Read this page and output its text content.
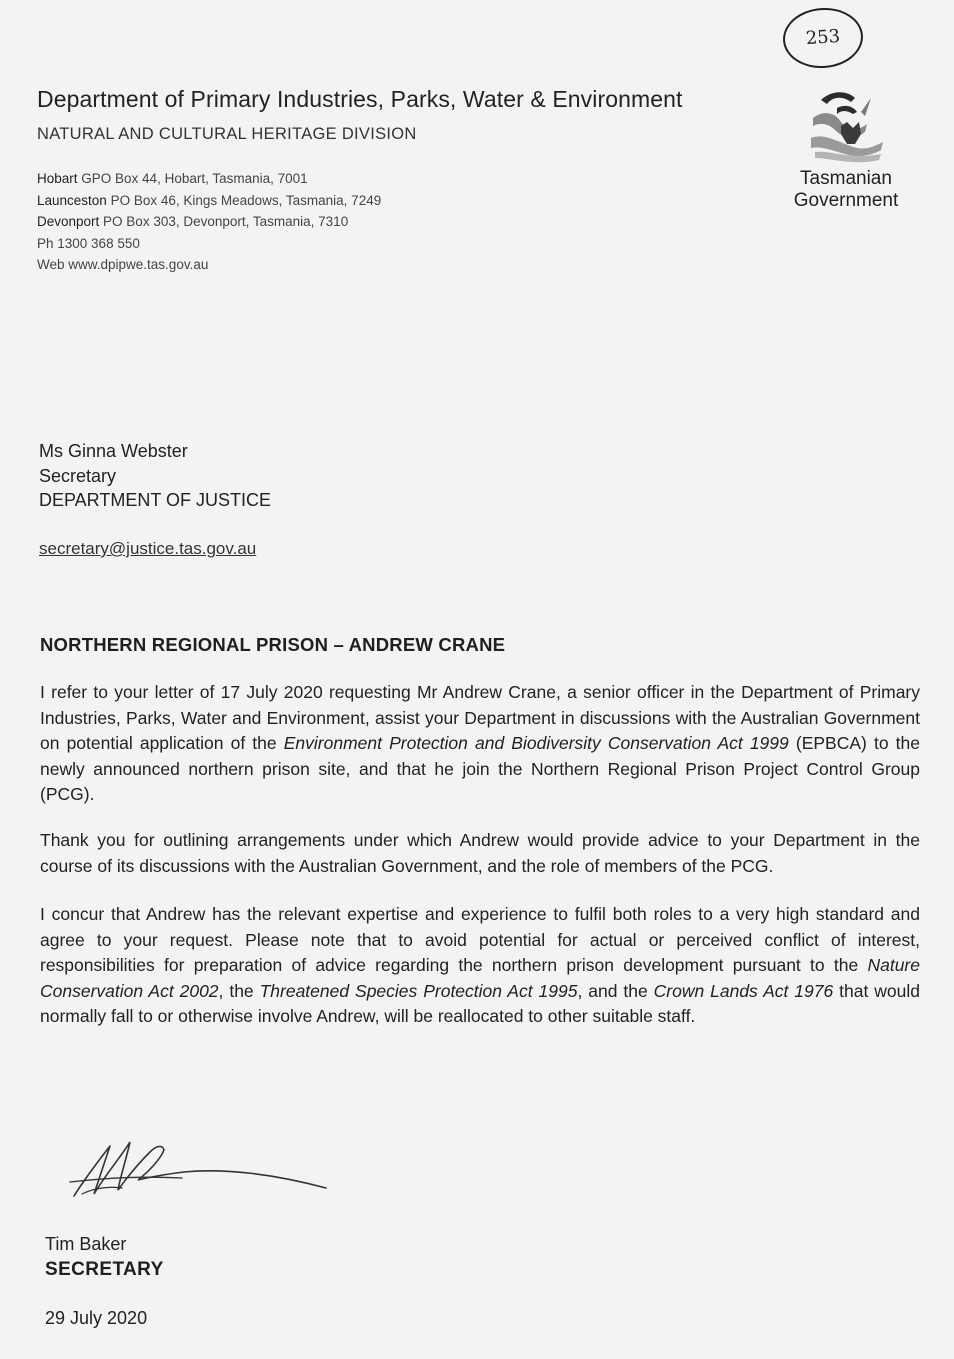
253
Department of Primary Industries, Parks, Water & Environment
NATURAL AND CULTURAL HERITAGE DIVISION
Hobart GPO Box 44, Hobart, Tasmania, 7001
Launceston PO Box 46, Kings Meadows, Tasmania, 7249
Devonport PO Box 303, Devonport, Tasmania, 7310
Ph 1300 368 550
Web www.dpipwe.tas.gov.au
Tasmanian
Government
Ms Ginna Webster
Secretary
DEPARTMENT OF JUSTICE
secretary@justice.tas.gov.au
NORTHERN REGIONAL PRISON – ANDREW CRANE
I refer to your letter of 17 July 2020 requesting Mr Andrew Crane, a senior officer in the Department of Primary Industries, Parks, Water and Environment, assist your Department in discussions with the Australian Government on potential application of the Environment Protection and Biodiversity Conservation Act 1999 (EPBCA) to the newly announced northern prison site, and that he join the Northern Regional Prison Project Control Group (PCG).
Thank you for outlining arrangements under which Andrew would provide advice to your Department in the course of its discussions with the Australian Government, and the role of members of the PCG.
I concur that Andrew has the relevant expertise and experience to fulfil both roles to a very high standard and agree to your request. Please note that to avoid potential for actual or perceived conflict of interest, responsibilities for preparation of advice regarding the northern prison development pursuant to the Nature Conservation Act 2002, the Threatened Species Protection Act 1995, and the Crown Lands Act 1976 that would normally fall to or otherwise involve Andrew, will be reallocated to other suitable staff.
Tim Baker
SECRETARY
29 July 2020
